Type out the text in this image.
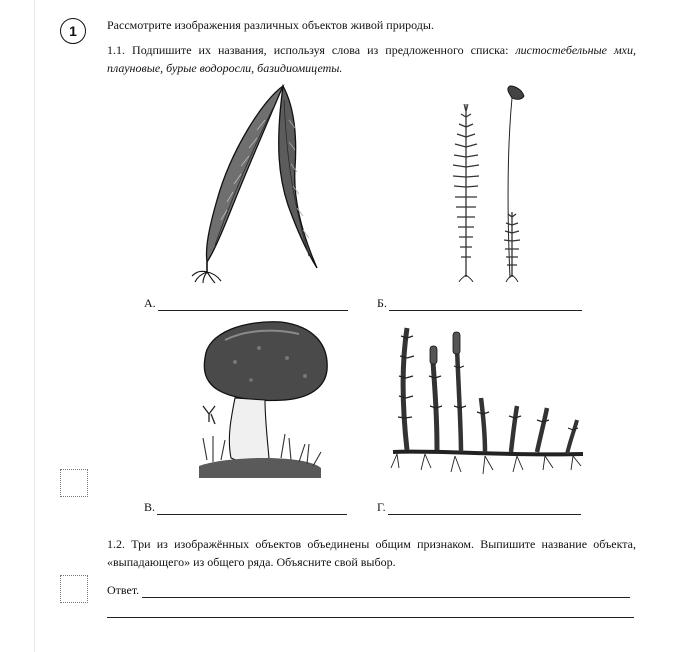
1	Рассмотрите изображения различных объектов живой природы.
1.1. Подпишите их названия, используя слова из предложенного списка: листостебельные мхи, плауновые, бурые водоросли, базидиомицеты.
А.	Б.
В.	Г.
1.2. Три из изображённых объектов объединены общим признаком. Выпишите название объекта, «выпадающего» из общего ряда. Объясните свой выбор.
Ответ.
